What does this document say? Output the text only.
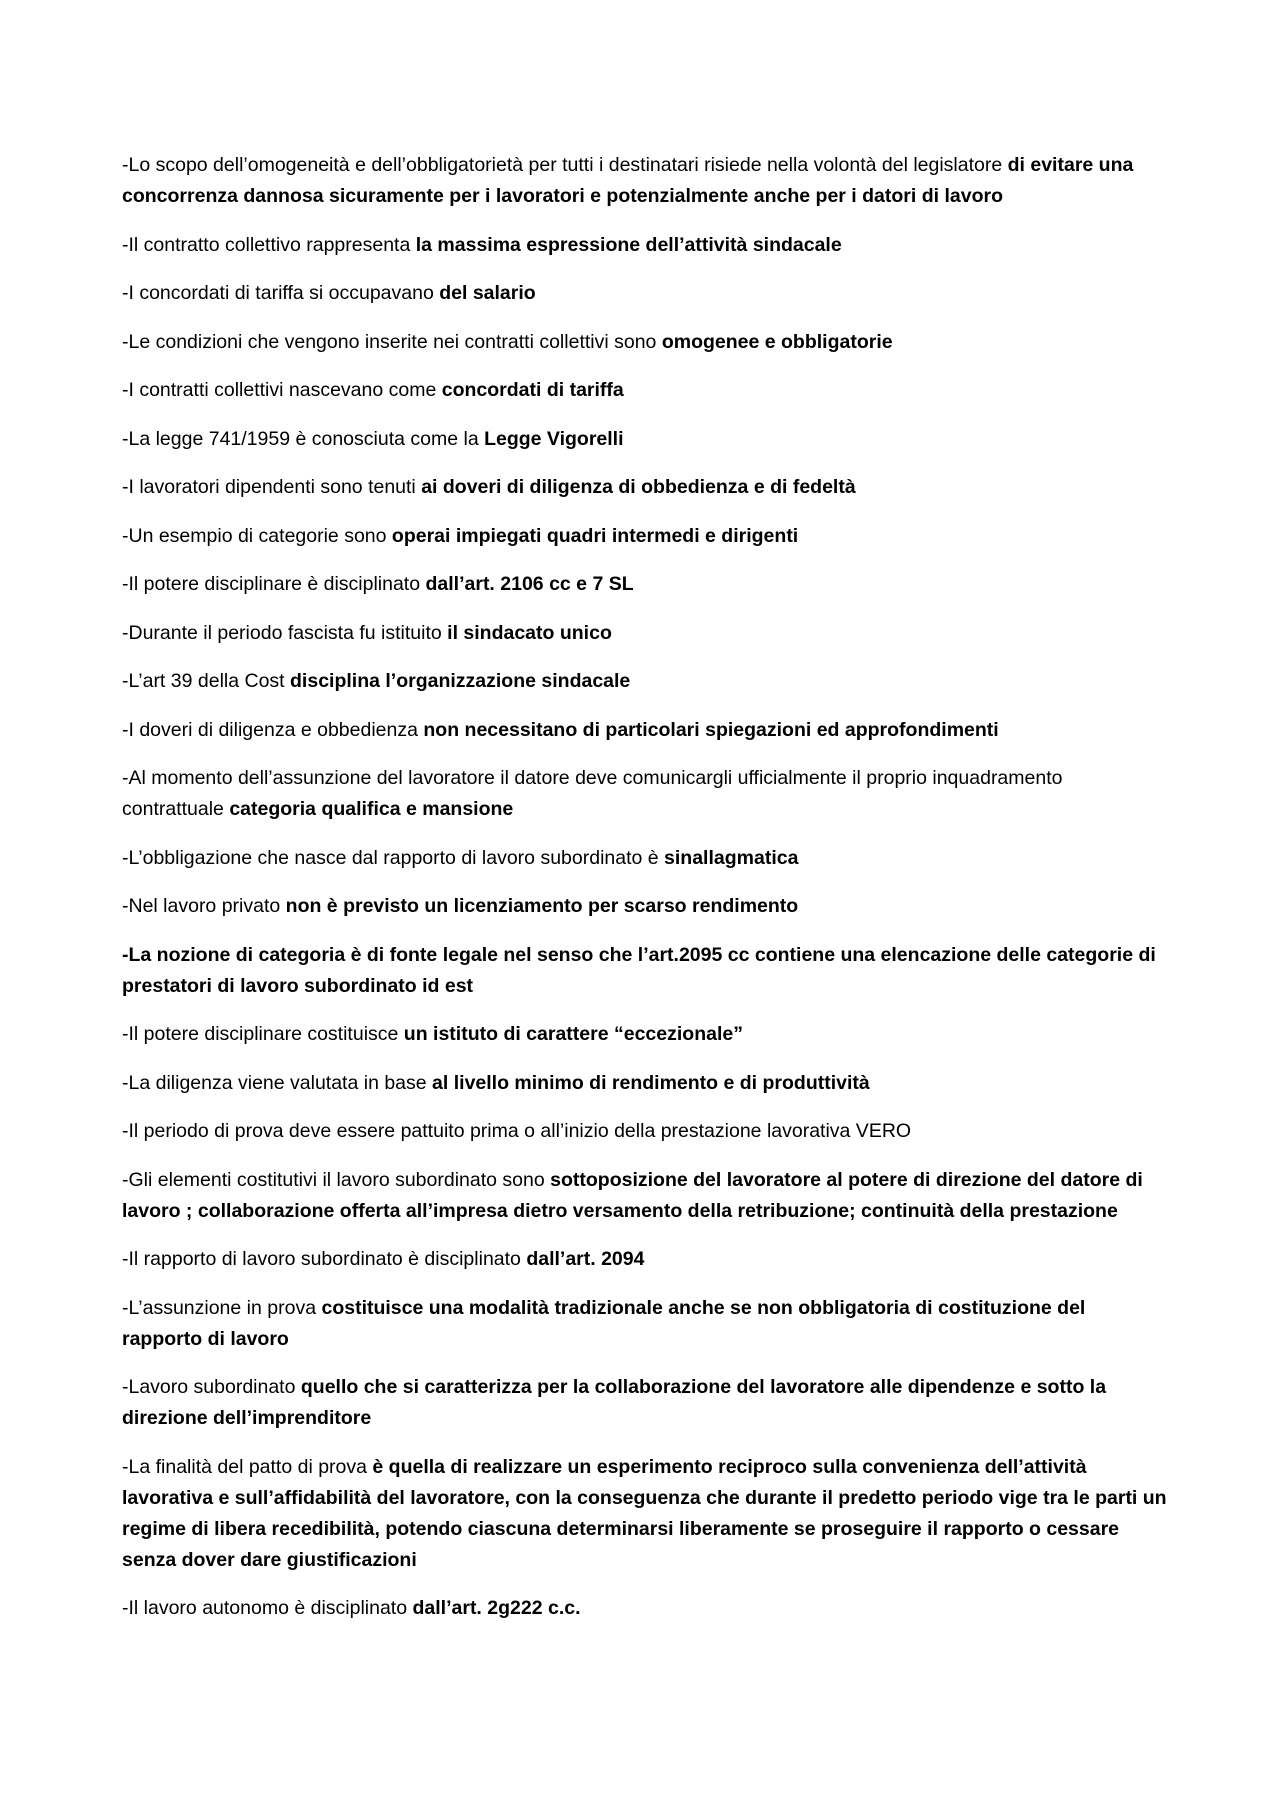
-Lo scopo dell’omogeneità e dell’obbligatorietà per tutti i destinatari risiede nella volontà del legislatore di evitare una concorrenza dannosa sicuramente per i lavoratori e potenzialmente anche per i datori di lavoro

-Il contratto collettivo rappresenta la massima espressione dell’attività sindacale

-I concordati di tariffa si occupavano del salario

-Le condizioni che vengono inserite nei contratti collettivi sono omogenee e obbligatorie

-I contratti collettivi nascevano come concordati di tariffa

-La legge 741/1959 è conosciuta come la Legge Vigorelli

-I lavoratori dipendenti sono tenuti ai doveri di diligenza di obbedienza e di fedeltà

-Un esempio di categorie sono operai impiegati quadri intermedi e dirigenti

-Il potere disciplinare è disciplinato dall’art. 2106 cc e 7 SL

-Durante il periodo fascista fu istituito il sindacato unico

-L’art 39 della Cost disciplina l’organizzazione sindacale

-I doveri di diligenza e obbedienza non necessitano di particolari spiegazioni ed approfondimenti

-Al momento dell’assunzione del lavoratore il datore deve comunicargli ufficialmente il proprio inquadramento contrattuale categoria qualifica e mansione

-L’obbligazione che nasce dal rapporto di lavoro subordinato è sinallagmatica

-Nel lavoro privato non è previsto un licenziamento per scarso rendimento

-La nozione di categoria è di fonte legale nel senso che l’art.2095 cc contiene una elencazione delle categorie di prestatori di lavoro subordinato id est

-Il potere disciplinare costituisce un istituto di carattere “eccezionale”

-La diligenza viene valutata in base al livello minimo di rendimento e di produttività

-Il periodo di prova deve essere pattuito prima o all’inizio della prestazione lavorativa VERO

-Gli elementi costitutivi il lavoro subordinato sono sottoposizione del lavoratore al potere di direzione del datore di lavoro ; collaborazione offerta all’impresa dietro versamento della retribuzione; continuità della prestazione

-Il rapporto di lavoro subordinato è disciplinato dall’art. 2094

-L’assunzione in prova costituisce una modalità tradizionale anche se non obbligatoria di costituzione del rapporto di lavoro

-Lavoro subordinato quello che si caratterizza per la collaborazione del lavoratore alle dipendenze e sotto la direzione dell’imprenditore

-La finalità del patto di prova è quella di realizzare un esperimento reciproco sulla convenienza dell’attività lavorativa e sull’affidabilità del lavoratore, con la conseguenza che durante il predetto periodo vige tra le parti un regime di libera recedibilità, potendo ciascuna determinarsi liberamente se proseguire il rapporto o cessare senza dover dare giustificazioni

-Il lavoro autonomo è disciplinato dall’art. 2g222 c.c.
